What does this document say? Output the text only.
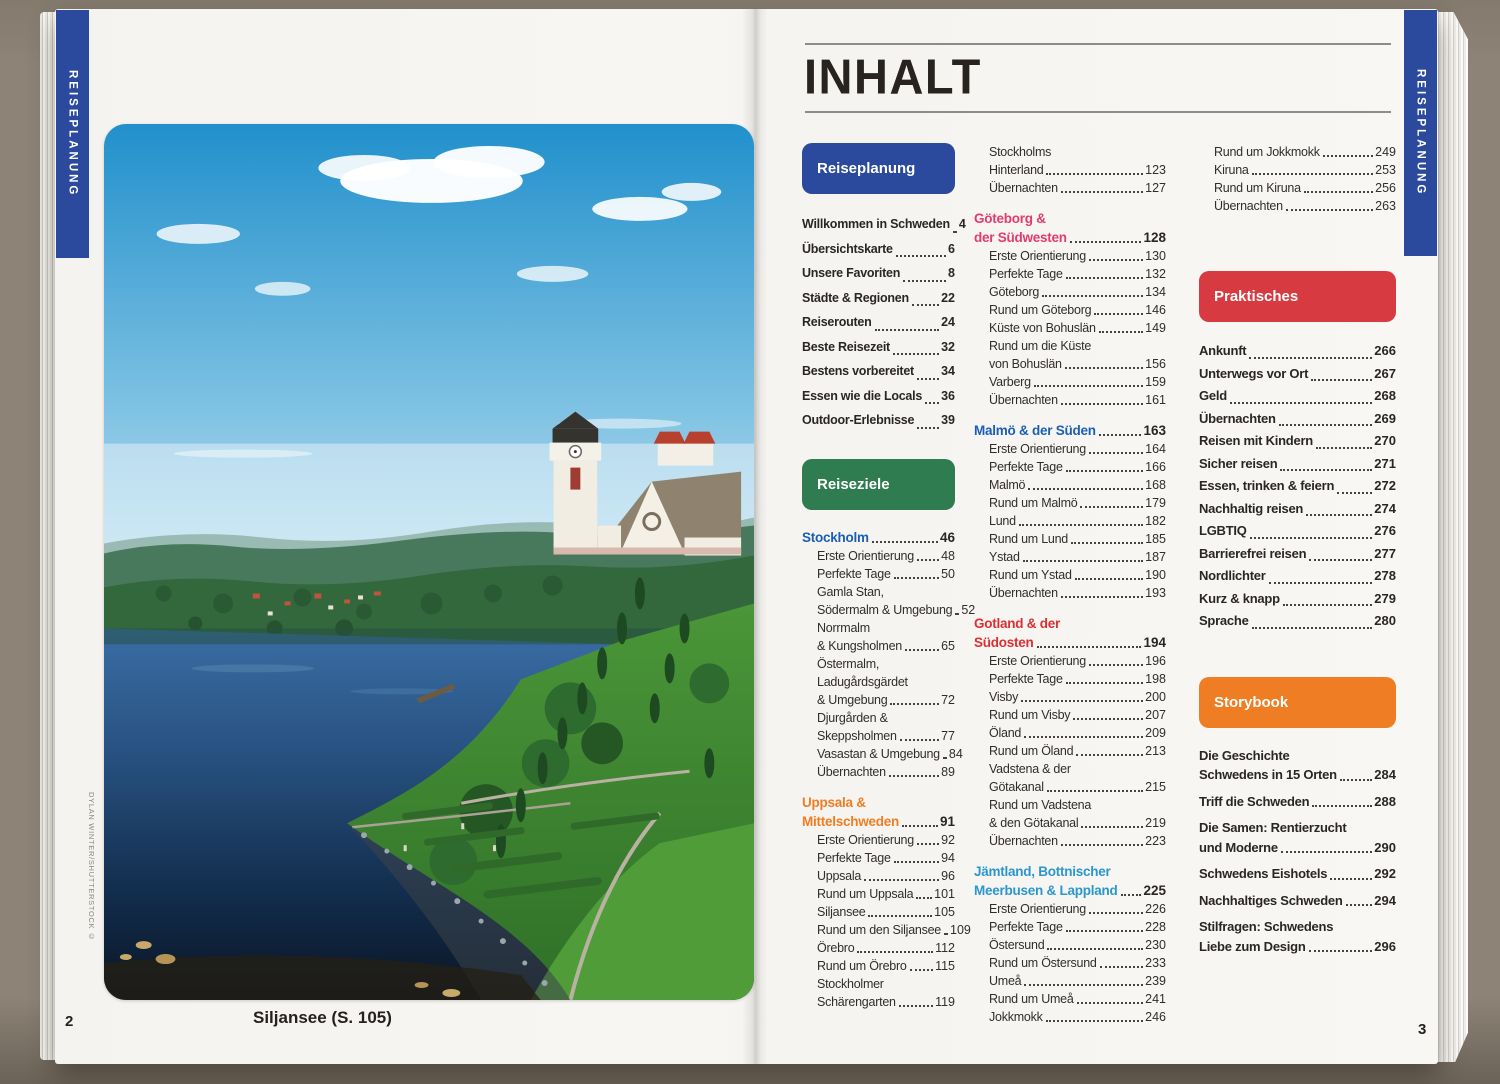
REISEPLANUNG	REISEPLANUNG
DYLAN WINTER/SHUTTERSTOCK ©
Siljansee (S. 105)
2	3
INHALT
Reiseplanung
Willkommen in Schweden 4
Übersichtskarte	6
Unsere Favoriten	8
Städte & Regionen	22
Reiserouten	24
Beste Reisezeit	32
Bestens vorbereitet 34
Essen wie die Locals 36
Outdoor-Erlebnisse 39
Reiseziele
Stockholm	46
Erste Orientierung 48
Perfekte Tage	50
Gamla Stan,
Södermalm & Umgebung 52
Norrmalm
& Kungsholmen	65
Östermalm,
Ladugårdsgärdet
& Umgebung	72
Djurgården &
Skeppsholmen	77
Vasastan & Umgebung 84
Übernachten	89
Uppsala &
Mittelschweden	91
Erste Orientierung 92
Perfekte Tage	94
Uppsala	96
Rund um Uppsala 101
Siljansee	105
Rund um den Siljansee 109
Örebro	112
Rund um Örebro 115
Stockholmer
Schärengarten	119
Stockholms
Hinterland	123
Übernachten	127
Göteborg &
der Südwesten	128
Erste Orientierung	130
Perfekte Tage	132
Göteborg	134
Rund um Göteborg	146
Küste von Bohuslän	149
Rund um die Küste
von Bohuslän	156
Varberg	159
Übernachten	161
Malmö & der Süden	163
Erste Orientierung	164
Perfekte Tage	166
Malmö	168
Rund um Malmö	179
Lund	182
Rund um Lund	185
Ystad	187
Rund um Ystad	190
Übernachten	193
Gotland & der
Südosten	194
Erste Orientierung	196
Perfekte Tage	198
Visby	200
Rund um Visby	207
Öland	209
Rund um Öland	213
Vadstena & der
Götakanal	215
Rund um Vadstena
& den Götakanal	219
Übernachten	223
Jämtland, Bottnischer
Meerbusen & Lappland 225
Erste Orientierung	226
Perfekte Tage	228
Östersund	230
Rund um Östersund	233
Umeå	239
Rund um Umeå	241
Jokkmokk	246
Rund um Jokkmokk	249
Kiruna	253
Rund um Kiruna	256
Übernachten	263
Praktisches
Ankunft	266
Unterwegs vor Ort	267
Geld	268
Übernachten	269
Reisen mit Kindern	270
Sicher reisen	271
Essen, trinken & feiern	272
Nachhaltig reisen	274
LGBTIQ	276
Barrierefrei reisen	277
Nordlichter	278
Kurz & knapp	279
Sprache	280
Storybook
Die Geschichte
Schwedens in 15 Orten	284
Triff die Schweden	288
Die Samen: Rentierzucht
und Moderne	290
Schwedens Eishotels	292
Nachhaltiges Schweden 294
Stilfragen: Schwedens
Liebe zum Design	296
